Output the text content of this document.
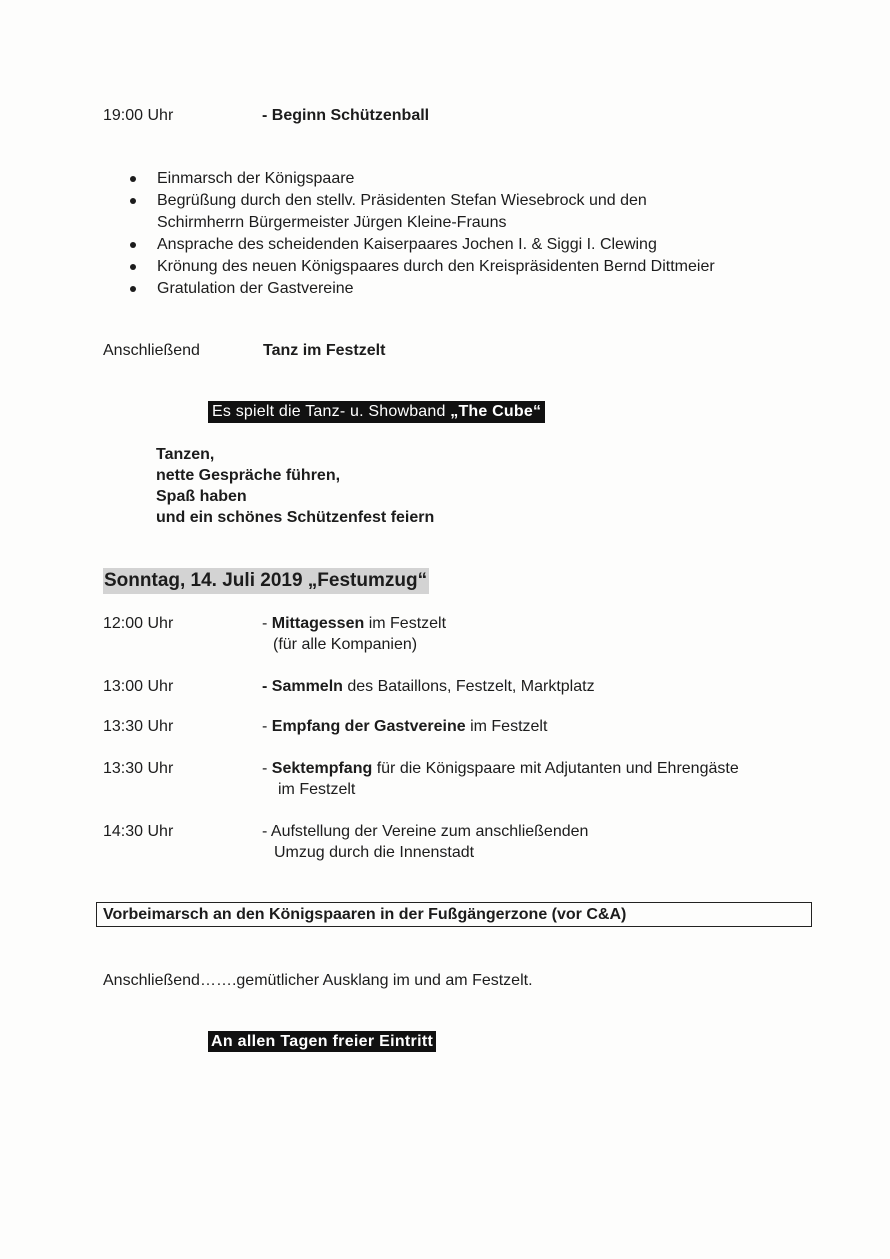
19:00 Uhr	- Beginn Schützenball
Einmarsch der Königspaare
Begrüßung durch den stellv. Präsidenten Stefan Wiesebrock und den
Schirmherrn Bürgermeister Jürgen Kleine-Frauns
Ansprache des scheidenden Kaiserpaares Jochen I. & Siggi I. Clewing
Krönung des neuen Königspaares durch den Kreispräsidenten Bernd Dittmeier
Gratulation der Gastvereine
Anschließend	Tanz im Festzelt
Es spielt die Tanz- u. Showband „The Cube“
Tanzen,
nette Gespräche führen,
Spaß haben
und ein schönes Schützenfest feiern
Sonntag, 14. Juli 2019 „Festumzug“
12:00 Uhr	- Mittagessen im Festzelt
(für alle Kompanien)
13:00 Uhr	- Sammeln des Bataillons, Festzelt, Marktplatz
13:30 Uhr	- Empfang der Gastvereine im Festzelt
13:30 Uhr	- Sektempfang für die Königspaare mit Adjutanten und Ehrengäste
im Festzelt
14:30 Uhr	- Aufstellung der Vereine zum anschließenden
Umzug durch die Innenstadt
Vorbeimarsch an den Königspaaren in der Fußgängerzone (vor C&A)
Anschließend…….gemütlicher Ausklang im und am Festzelt.
An allen Tagen freier Eintritt
